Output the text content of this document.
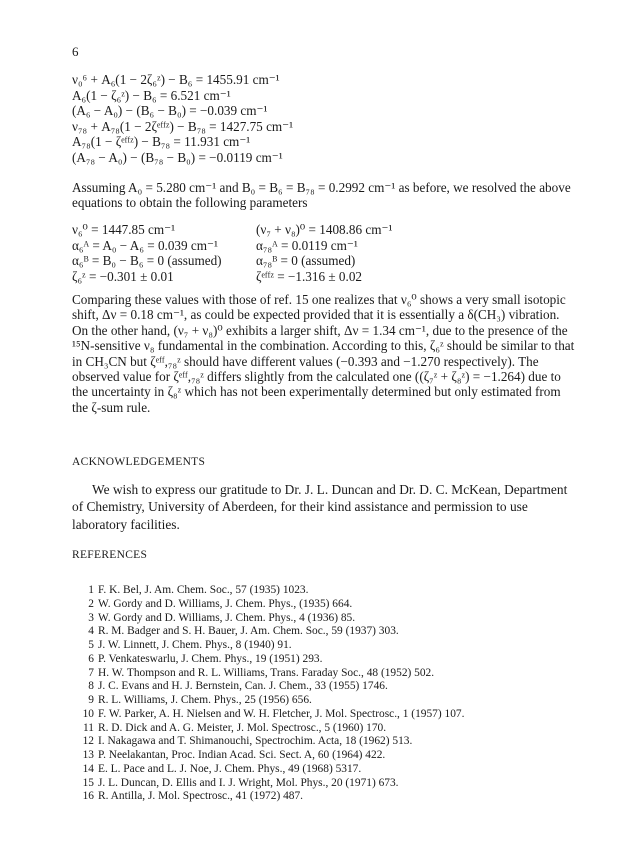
6
ν₀⁶ + A₆(1 − 2ζ₆ᶻ) − B₆ = 1455.91 cm⁻¹
A₆(1 − ζ₆ᶻ) − B₆ = 6.521 cm⁻¹
(A₆ − A₀) − (B₆ − B₀) = −0.039 cm⁻¹
ν₇₈ + A₇₈(1 − 2ζᵉᶠᶠᶻ) − B₇₈ = 1427.75 cm⁻¹
A₇₈(1 − ζᵉᶠᶠᶻ) − B₇₈ = 11.931 cm⁻¹
(A₇₈ − A₀) − (B₇₈ − B₀) = −0.0119 cm⁻¹
Assuming A₀ = 5.280 cm⁻¹ and B₀ = B₆ = B₇₈ = 0.2992 cm⁻¹ as before, we resolved the above equations to obtain the following parameters
ν₆⁰ = 1447.85 cm⁻¹	(ν₇ + ν₈)⁰ = 1408.86 cm⁻¹
α₆ᴬ = A₀ − A₆ = 0.039 cm⁻¹	α₇₈ᴬ = 0.0119 cm⁻¹
α₆ᴮ = B₀ − B₆ = 0 (assumed)	α₇₈ᴮ = 0 (assumed)
ζ₆ᶻ = −0.301 ± 0.01	ζᵉᶠᶠᶻ = −1.316 ± 0.02
Comparing these values with those of ref. 15 one realizes that ν₆⁰ shows a very small isotopic shift, Δν = 0.18 cm⁻¹, as could be expected provided that it is essentially a δ(CH₃) vibration. On the other hand, (ν₇ + ν₈)⁰ exhibits a larger shift, Δν = 1.34 cm⁻¹, due to the presence of the ¹⁵N-sensitive ν₈ fundamental in the combination. According to this, ζ₆ᶻ should be similar to that in CH₃CN but ζᵉᶠᶠ,₇₈ᶻ should have different values (−0.393 and −1.270 respectively). The observed value for ζᵉᶠᶠ,₇₈ᶻ differs slightly from the calculated one ((ζ₇ᶻ + ζ₈ᶻ) = −1.264) due to the uncertainty in ζ₈ᶻ which has not been experimentally determined but only estimated from the ζ-sum rule.
ACKNOWLEDGEMENTS
We wish to express our gratitude to Dr. J. L. Duncan and Dr. D. C. McKean, Department of Chemistry, University of Aberdeen, for their kind assistance and permission to use laboratory facilities.
REFERENCES
1 F. K. Bel, J. Am. Chem. Soc., 57 (1935) 1023.
2 W. Gordy and D. Williams, J. Chem. Phys., (1935) 664.
3 W. Gordy and D. Williams, J. Chem. Phys., 4 (1936) 85.
4 R. M. Badger and S. H. Bauer, J. Am. Chem. Soc., 59 (1937) 303.
5 J. W. Linnett, J. Chem. Phys., 8 (1940) 91.
6 P. Venkateswarlu, J. Chem. Phys., 19 (1951) 293.
7 H. W. Thompson and R. L. Williams, Trans. Faraday Soc., 48 (1952) 502.
8 J. C. Evans and H. J. Bernstein, Can. J. Chem., 33 (1955) 1746.
9 R. L. Williams, J. Chem. Phys., 25 (1956) 656.
10 F. W. Parker, A. H. Nielsen and W. H. Fletcher, J. Mol. Spectrosc., 1 (1957) 107.
11 R. D. Dick and A. G. Meister, J. Mol. Spectrosc., 5 (1960) 170.
12 I. Nakagawa and T. Shimanouchi, Spectrochim. Acta, 18 (1962) 513.
13 P. Neelakantan, Proc. Indian Acad. Sci. Sect. A, 60 (1964) 422.
14 E. L. Pace and L. J. Noe, J. Chem. Phys., 49 (1968) 5317.
15 J. L. Duncan, D. Ellis and I. J. Wright, Mol. Phys., 20 (1971) 673.
16 R. Antilla, J. Mol. Spectrosc., 41 (1972) 487.
